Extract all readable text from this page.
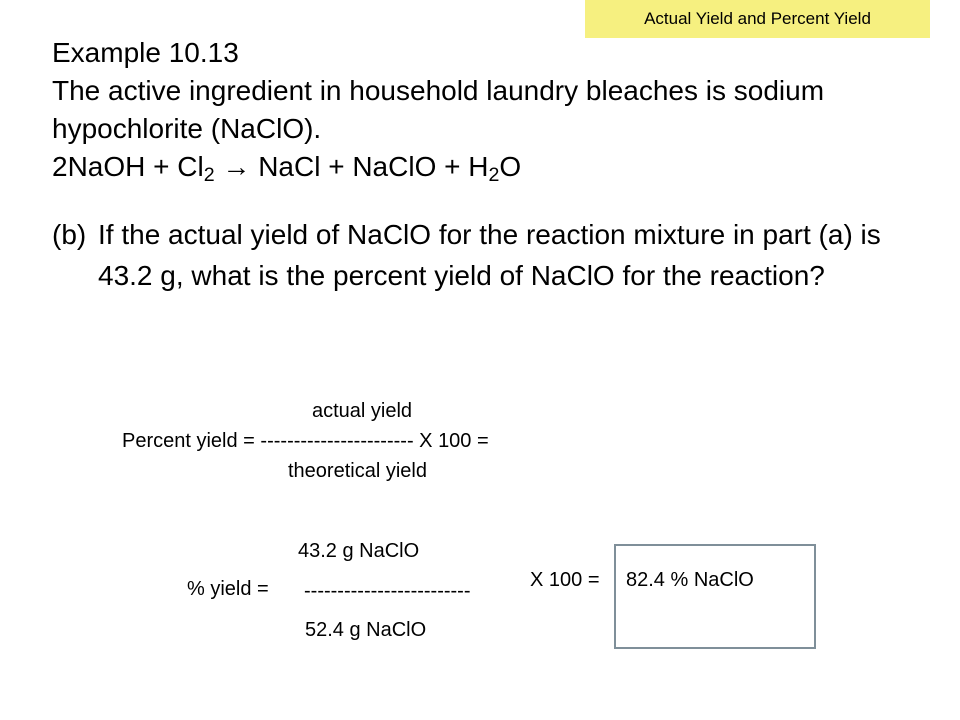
Actual Yield and Percent Yield
Example 10.13
The active ingredient in household laundry bleaches is sodium
hypochlorite (NaClO).
2NaOH + $Cl_2$ → NaCl + NaClO + $H_2O$
(b) If the actual yield of NaClO for the reaction mixture in part (a) is 43.2 g, what is the percent yield of NaClO for the reaction?
actual yield
Percent yield = ----------------------- X 100 =
theoretical yield
43.2 g NaClO
% yield = -------------------------	X 100 = 82.4 % NaClO
52.4 g NaClO
